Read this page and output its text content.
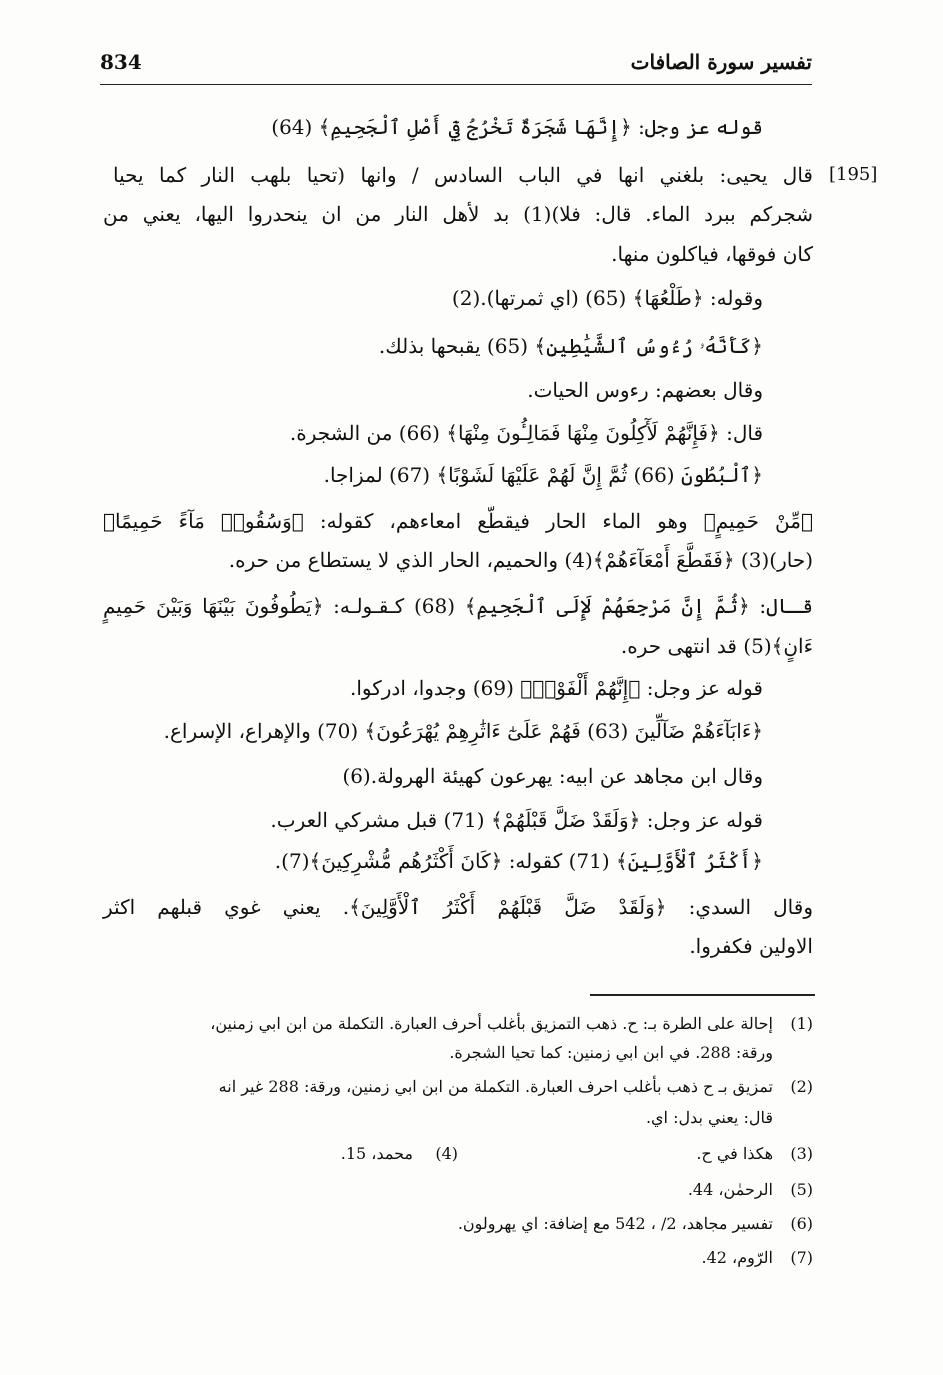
تفسير سورة الصافات
834
[195]
قوله عز وجل: ﴿إِنَّهَا شَجَرَةٌ تَخْرُجُ فِيٓ أَصْلِ ٱلْجَحِيمِ﴾ (64)
قال يحيى: بلغني انها في الباب السادس / وانها (تحيا بلهب النار كما يحيا
شجركم ببرد الماء. قال: فلا)(1) بد لأهل النار من ان ينحدروا اليها، يعني من
كان فوقها، فياكلون منها.
وقوله: ﴿طَلْعُهَا﴾ (65) (اي ثمرتها).(2)
﴿كَأَنَّهُۥ رُءُوسُ ٱلشَّيَٰطِينِ﴾ (65) يقبحها بذلك.
وقال بعضهم: رءوس الحيات.
قال: ﴿فَإِنَّهُمْ لَأٓكِلُونَ مِنْهَا فَمَالِـُٔونَ مِنْهَا﴾ (66) من الشجرة.
﴿ٱلْبُطُونَ (66) ثُمَّ إِنَّ لَهُمْ عَلَيْهَا لَشَوْبًا﴾ (67) لمزاجا.
﴿مِّنْ حَمِيمٍ﴾ وهو الماء الحار فيقطّع امعاءهم، كقوله: ﴿وَسُقُوا۟ مَآءً حَمِيمًا﴾
(حار)(3) ﴿فَقَطَّعَ أَمْعَآءَهُمْ﴾(4) والحميم، الحار الذي لا يستطاع من حره.
قـال: ﴿ثُمَّ إِنَّ مَرْجِعَهُمْ لَإِلَى ٱلْجَحِيمِ﴾ (68) كـقـولـه: ﴿يَطُوفُونَ بَيْنَهَا وَبَيْنَ حَمِيمٍ
ءَانٍ﴾(5) قد انتهى حره.
قوله عز وجل: ﴿إِنَّهُمْ أَلْفَوْا۟﴾ (69) وجدوا، ادركوا.
﴿ءَابَآءَهُمْ ضَآلِّينَ (63) فَهُمْ عَلَىٰٓ ءَاثَٰرِهِمْ يُهْرَعُونَ﴾ (70) والإهراع، الإسراع.
وقال ابن مجاهد عن ابيه: يهرعون كهيئة الهرولة.(6)
قوله عز وجل: ﴿وَلَقَدْ ضَلَّ قَبْلَهُمْ﴾ (71) قبل مشركي العرب.
﴿أَكْثَرُ ٱلْأَوَّلِينَ﴾ (71) كقوله: ﴿كَانَ أَكْثَرُهُم مُّشْرِكِينَ﴾(7).
وقال السدي: ﴿وَلَقَدْ ضَلَّ قَبْلَهُمْ أَكْثَرُ ٱلْأَوَّلِينَ﴾. يعني غوي قبلهم اكثر
الاولين فكفروا.
(1)
إحالة على الطرة بـ: ح. ذهب التمزيق بأغلب أحرف العبارة. التكملة من ابن ابي زمنين،
ورقة: 288. في ابن ابي زمنين: كما تحيا الشجرة.
(2)
تمزيق بـ ح ذهب بأغلب احرف العبارة. التكملة من ابن ابي زمنين، ورقة: 288 غير انه
قال: يعني بدل: اي.
(3)
هكذا في ح.
(4)
محمد، 15.
(5)
الرحمٰن، 44.
(6)
تفسير مجاهد، 2/ ، 542 مع إضافة: اي يهرولون.
(7)
الرّوم، 42.
